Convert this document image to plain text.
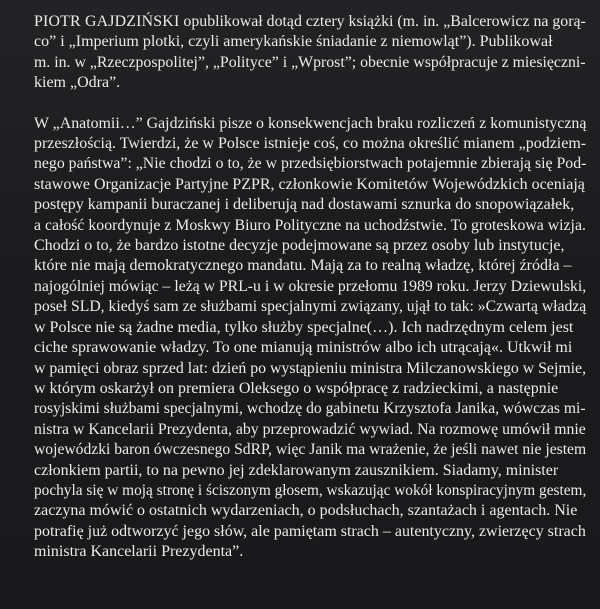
PIOTR GAJDZIŃSKI opublikował dotąd cztery książki (m. in. „Balcerowicz na gorą-

co” i „Imperium plotki, czyli amerykańskie śniadanie z niemowląt”). Publikował

m. in. w „Rzeczpospolitej”, „Polityce” i „Wprost”; obecnie współpracuje z miesięczni-

kiem „Odra”.

W „Anatomii…” Gajdziński pisze o konsekwencjach braku rozliczeń z komunistyczną

przeszłością. Twierdzi, że w Polsce istnieje coś, co można określić mianem „podziem-

nego państwa”: „Nie chodzi o to, że w przedsiębiorstwach potajemnie zbierają się Pod-

stawowe Organizacje Partyjne PZPR, członkowie Komitetów Wojewódzkich oceniają

postępy kampanii buraczanej i deliberują nad dostawami sznurka do snopowiązałek,

a całość koordynuje z Moskwy Biuro Polityczne na uchodźstwie. To groteskowa wizja.

Chodzi o to, że bardzo istotne decyzje podejmowane są przez osoby lub instytucje,

które nie mają demokratycznego mandatu. Mają za to realną władzę, której źródła –

najogólniej mówiąc – leżą w PRL-u i w okresie przełomu 1989 roku. Jerzy Dziewulski,

poseł SLD, kiedyś sam ze służbami specjalnymi związany, ujął to tak: »Czwartą władzą

w Polsce nie są żadne media, tylko służby specjalne(…). Ich nadrzędnym celem jest

ciche sprawowanie władzy. To one mianują ministrów albo ich utrącają«. Utkwił mi

w pamięci obraz sprzed lat: dzień po wystąpieniu ministra Milczanowskiego w Sejmie,

w którym oskarżył on premiera Oleksego o współpracę z radzieckimi, a następnie

rosyjskimi służbami specjalnymi, wchodzę do gabinetu Krzysztofa Janika, wówczas mi-

nistra w Kancelarii Prezydenta, aby przeprowadzić wywiad. Na rozmowę umówił mnie

wojewódzki baron ówczesnego SdRP, więc Janik ma wrażenie, że jeśli nawet nie jestem

członkiem partii, to na pewno jej zdeklarowanym zausznikiem. Siadamy, minister

pochyla się w moją stronę i ściszonym głosem, wskazując wokół konspiracyjnym gestem,

zaczyna mówić o ostatnich wydarzeniach, o podsłuchach, szantażach i agentach. Nie

potrafię już odtworzyć jego słów, ale pamiętam strach – autentyczny, zwierzęcy strach

ministra Kancelarii Prezydenta”.
